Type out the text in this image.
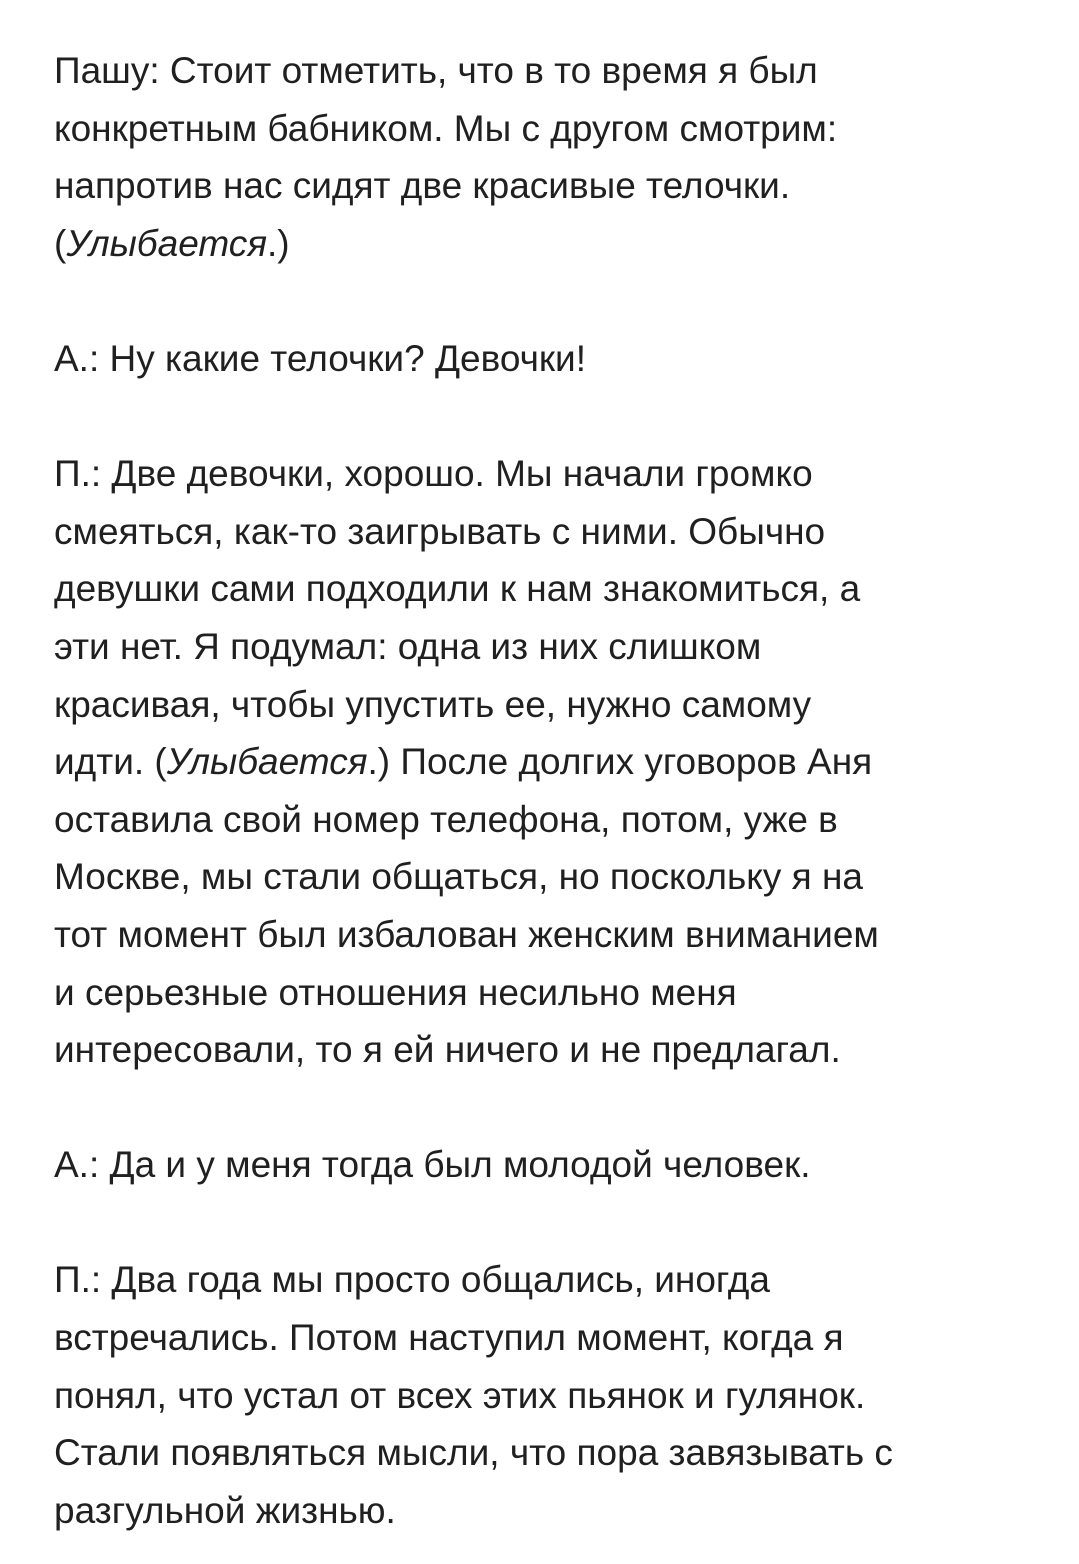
Пашу: Стоит отметить, что в то время я был
конкретным бабником. Мы с другом смотрим:
напротив нас сидят две красивые телочки.
(Улыбается.)

А.: Ну какие телочки? Девочки!

П.: Две девочки, хорошо. Мы начали громко
смеяться, как-то заигрывать с ними. Обычно
девушки сами подходили к нам знакомиться, а
эти нет. Я подумал: одна из них слишком
красивая, чтобы упустить ее, нужно самому
идти. (Улыбается.) После долгих уговоров Аня
оставила свой номер телефона, потом, уже в
Москве, мы стали общаться, но поскольку я на
тот момент был избалован женским вниманием
и серьезные отношения несильно меня
интересовали, то я ей ничего и не предлагал.

А.: Да и у меня тогда был молодой человек.

П.: Два года мы просто общались, иногда
встречались. Потом наступил момент, когда я
понял, что устал от всех этих пьянок и гулянок.
Стали появляться мысли, что пора завязывать с
разгульной жизнью.
